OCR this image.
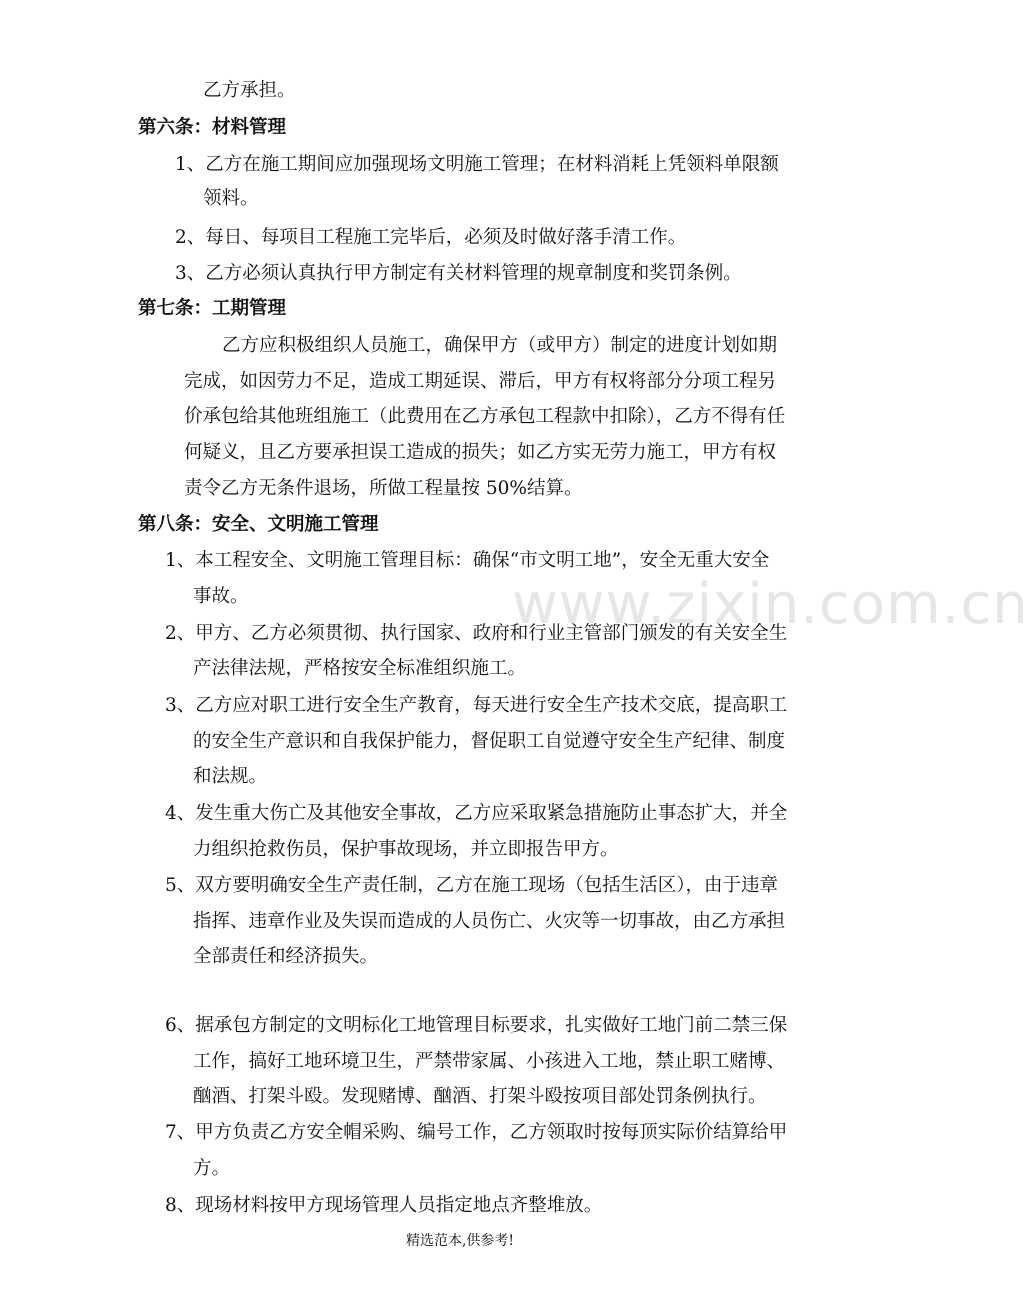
www.zixin.com.cn
乙方承担。
第六条：材料管理
1、乙方在施工期间应加强现场文明施工管理；在材料消耗上凭领料单限额
领料。
2、每日、每项目工程施工完毕后，必须及时做好落手清工作。
3、乙方必须认真执行甲方制定有关材料管理的规章制度和奖罚条例。
第七条：工期管理
乙方应积极组织人员施工，确保甲方（或甲方）制定的进度计划如期
完成，如因劳力不足，造成工期延误、滞后，甲方有权将部分分项工程另
价承包给其他班组施工（此费用在乙方承包工程款中扣除），乙方不得有任
何疑义，且乙方要承担误工造成的损失；如乙方实无劳力施工，甲方有权
责令乙方无条件退场，所做工程量按 50%结算。
第八条：安全、文明施工管理
1、本工程安全、文明施工管理目标：确保“市文明工地”，安全无重大安全
事故。
2、甲方、乙方必须贯彻、执行国家、政府和行业主管部门颁发的有关安全生
产法律法规，严格按安全标准组织施工。
3、乙方应对职工进行安全生产教育，每天进行安全生产技术交底，提高职工
的安全生产意识和自我保护能力，督促职工自觉遵守安全生产纪律、制度
和法规。
4、发生重大伤亡及其他安全事故，乙方应采取紧急措施防止事态扩大，并全
力组织抢救伤员，保护事故现场，并立即报告甲方。
5、双方要明确安全生产责任制，乙方在施工现场（包括生活区），由于违章
指挥、违章作业及失误而造成的人员伤亡、火灾等一切事故，由乙方承担
全部责任和经济损失。
6、据承包方制定的文明标化工地管理目标要求，扎实做好工地门前二禁三保
工作，搞好工地环境卫生，严禁带家属、小孩进入工地，禁止职工赌博、
酗酒、打架斗殴。发现赌博、酗酒、打架斗殴按项目部处罚条例执行。
7、甲方负责乙方安全帽采购、编号工作，乙方领取时按每顶实际价结算给甲
方。
8、现场材料按甲方现场管理人员指定地点齐整堆放。
精选范本,供参考!
